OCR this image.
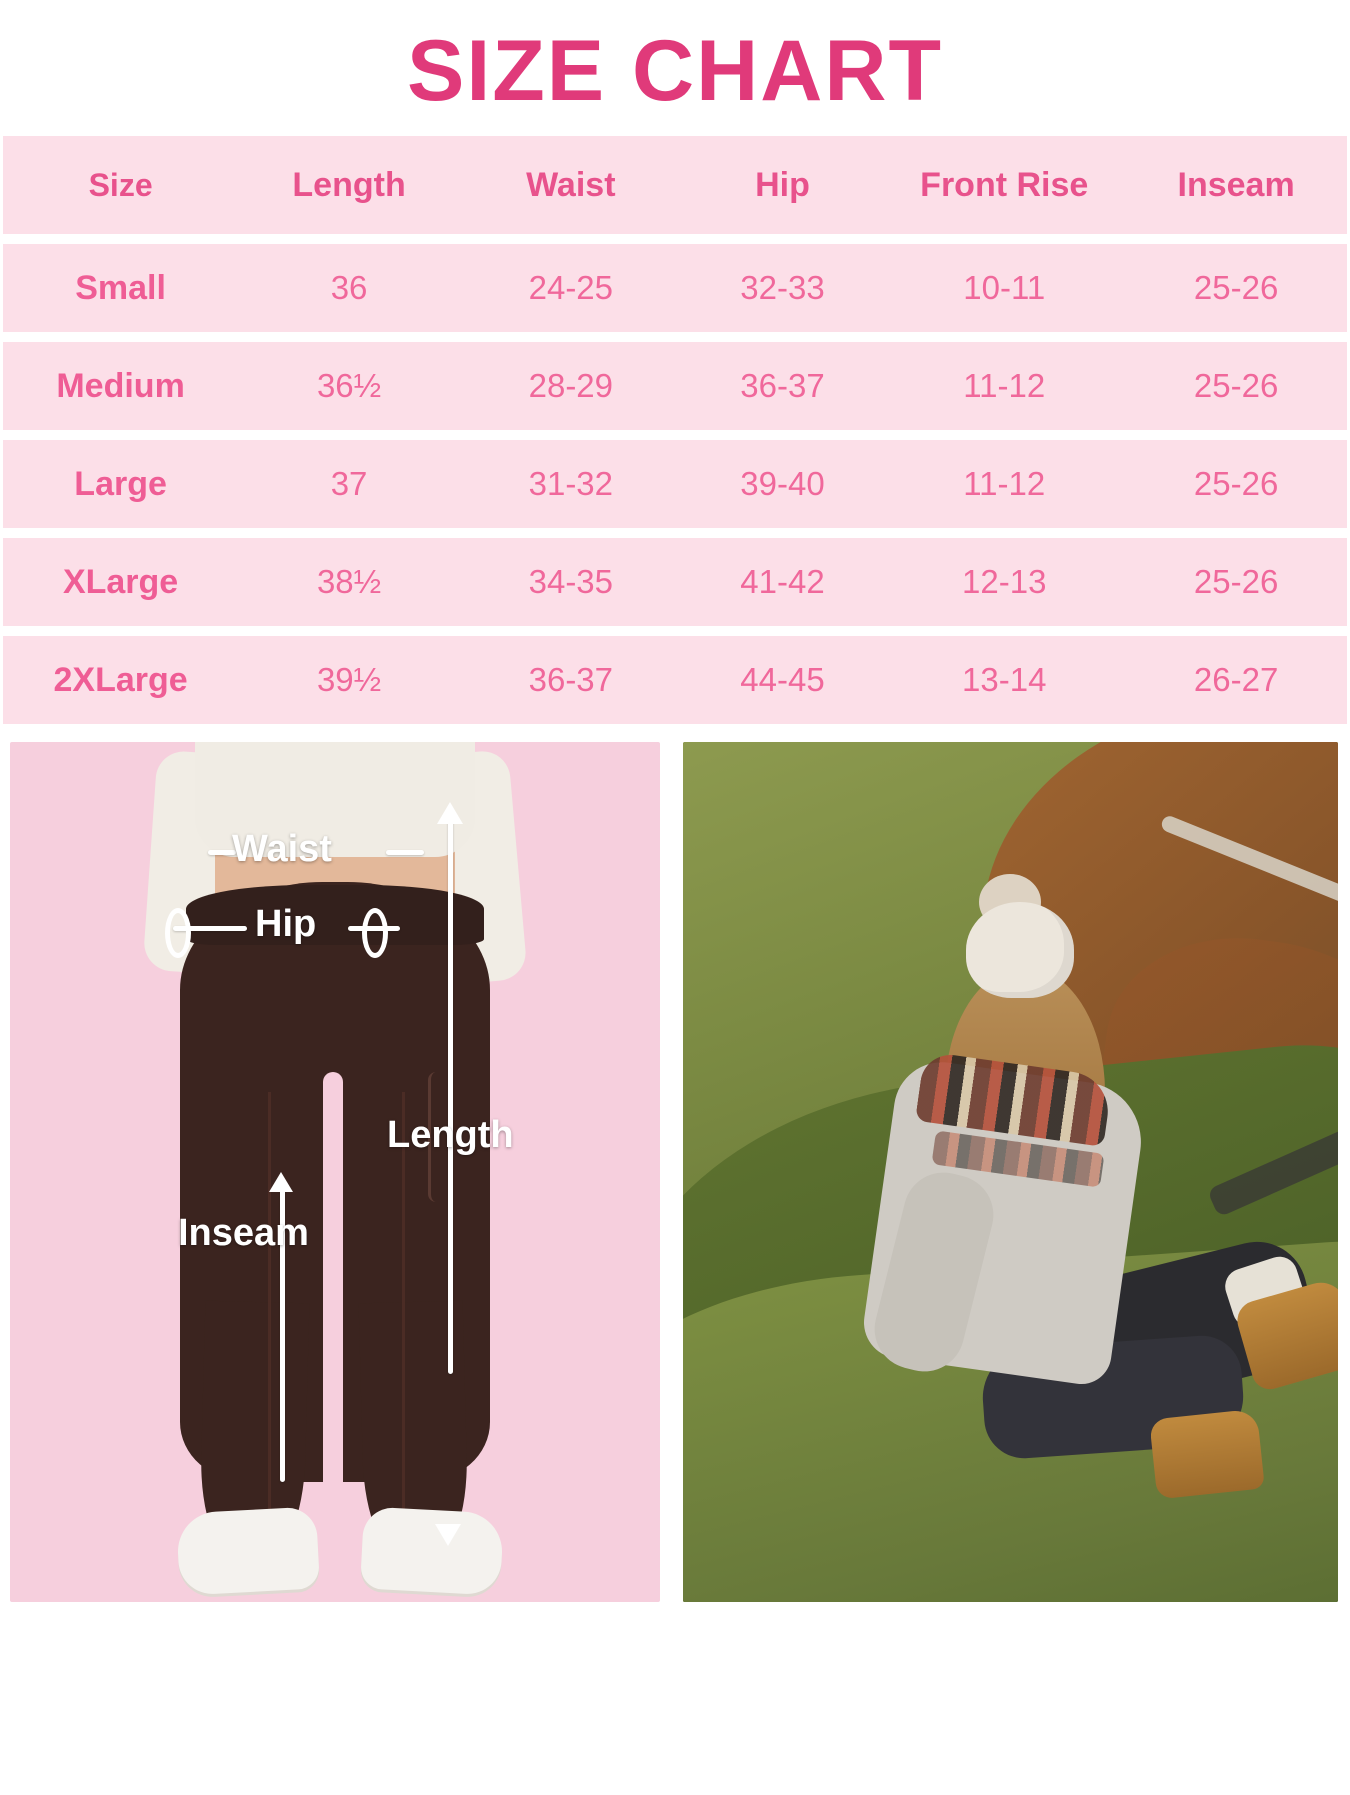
SIZE CHART
Size	Length	Waist	Hip	Front Rise	Inseam
Small	36	24-25	32-33	10-11	25-26
Medium	36½	28-29	36-37	11-12	25-26
Large	37	31-32	39-40	11-12	25-26
XLarge	38½	34-35	41-42	12-13	25-26
2XLarge	39½	36-37	44-45	13-14	26-27
Waist
Hip
Length
Inseam
